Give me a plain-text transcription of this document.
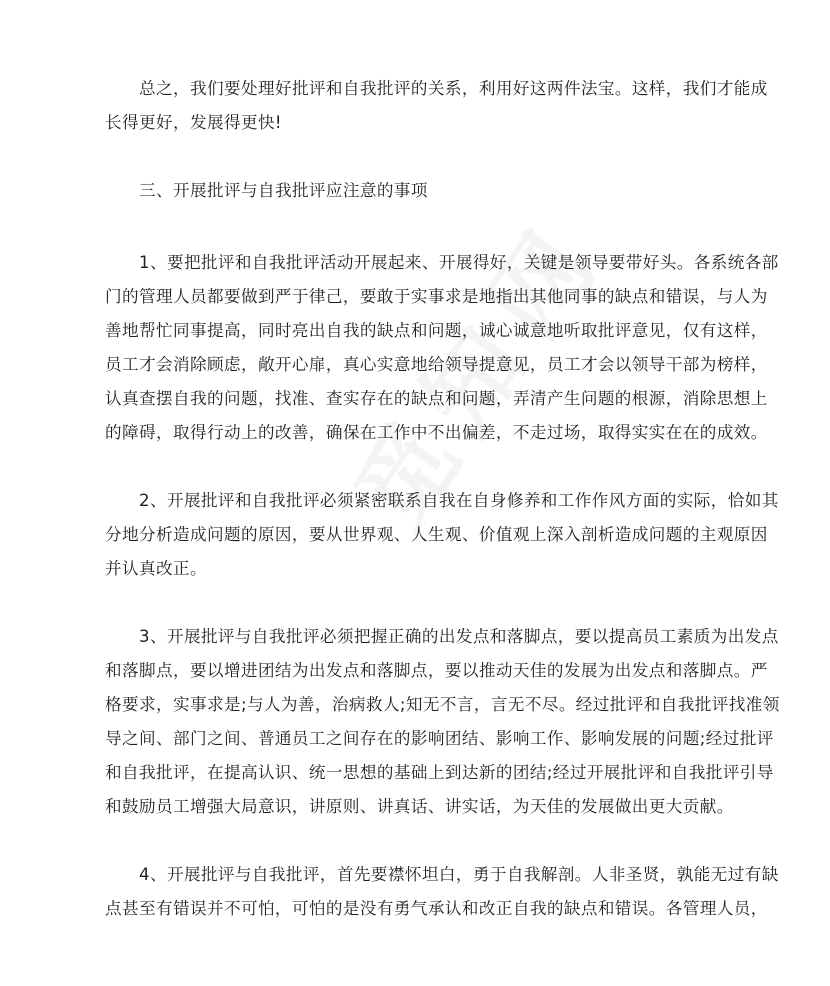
总之，我们要处理好批评和自我批评的关系，利用好这两件法宝。这样，我们才能成
长得更好，发展得更快!
三、开展批评与自我批评应注意的事项
1、要把批评和自我批评活动开展起来、开展得好，关键是领导要带好头。各系统各部
门的管理人员都要做到严于律己，要敢于实事求是地指出其他同事的缺点和错误，与人为
善地帮忙同事提高，同时亮出自我的缺点和问题，诚心诚意地听取批评意见，仅有这样，
员工才会消除顾虑，敞开心扉，真心实意地给领导提意见，员工才会以领导干部为榜样，
认真查摆自我的问题，找准、查实存在的缺点和问题，弄清产生问题的根源，消除思想上
的障碍，取得行动上的改善，确保在工作中不出偏差，不走过场，取得实实在在的成效。
2、开展批评和自我批评必须紧密联系自我在自身修养和工作作风方面的实际，恰如其
分地分析造成问题的原因，要从世界观、人生观、价值观上深入剖析造成问题的主观原因
并认真改正。
3、开展批评与自我批评必须把握正确的出发点和落脚点，要以提高员工素质为出发点
和落脚点，要以增进团结为出发点和落脚点，要以推动天佳的发展为出发点和落脚点。严
格要求，实事求是;与人为善，治病救人;知无不言，言无不尽。经过批评和自我批评找准领
导之间、部门之间、普通员工之间存在的影响团结、影响工作、影响发展的问题;经过批评
和自我批评，在提高认识、统一思想的基础上到达新的团结;经过开展批评和自我批评引导
和鼓励员工增强大局意识，讲原则、讲真话、讲实话，为天佳的发展做出更大贡献。
4、开展批评与自我批评，首先要襟怀坦白，勇于自我解剖。人非圣贤，孰能无过有缺
点甚至有错误并不可怕，可怕的是没有勇气承认和改正自我的缺点和错误。各管理人员，
